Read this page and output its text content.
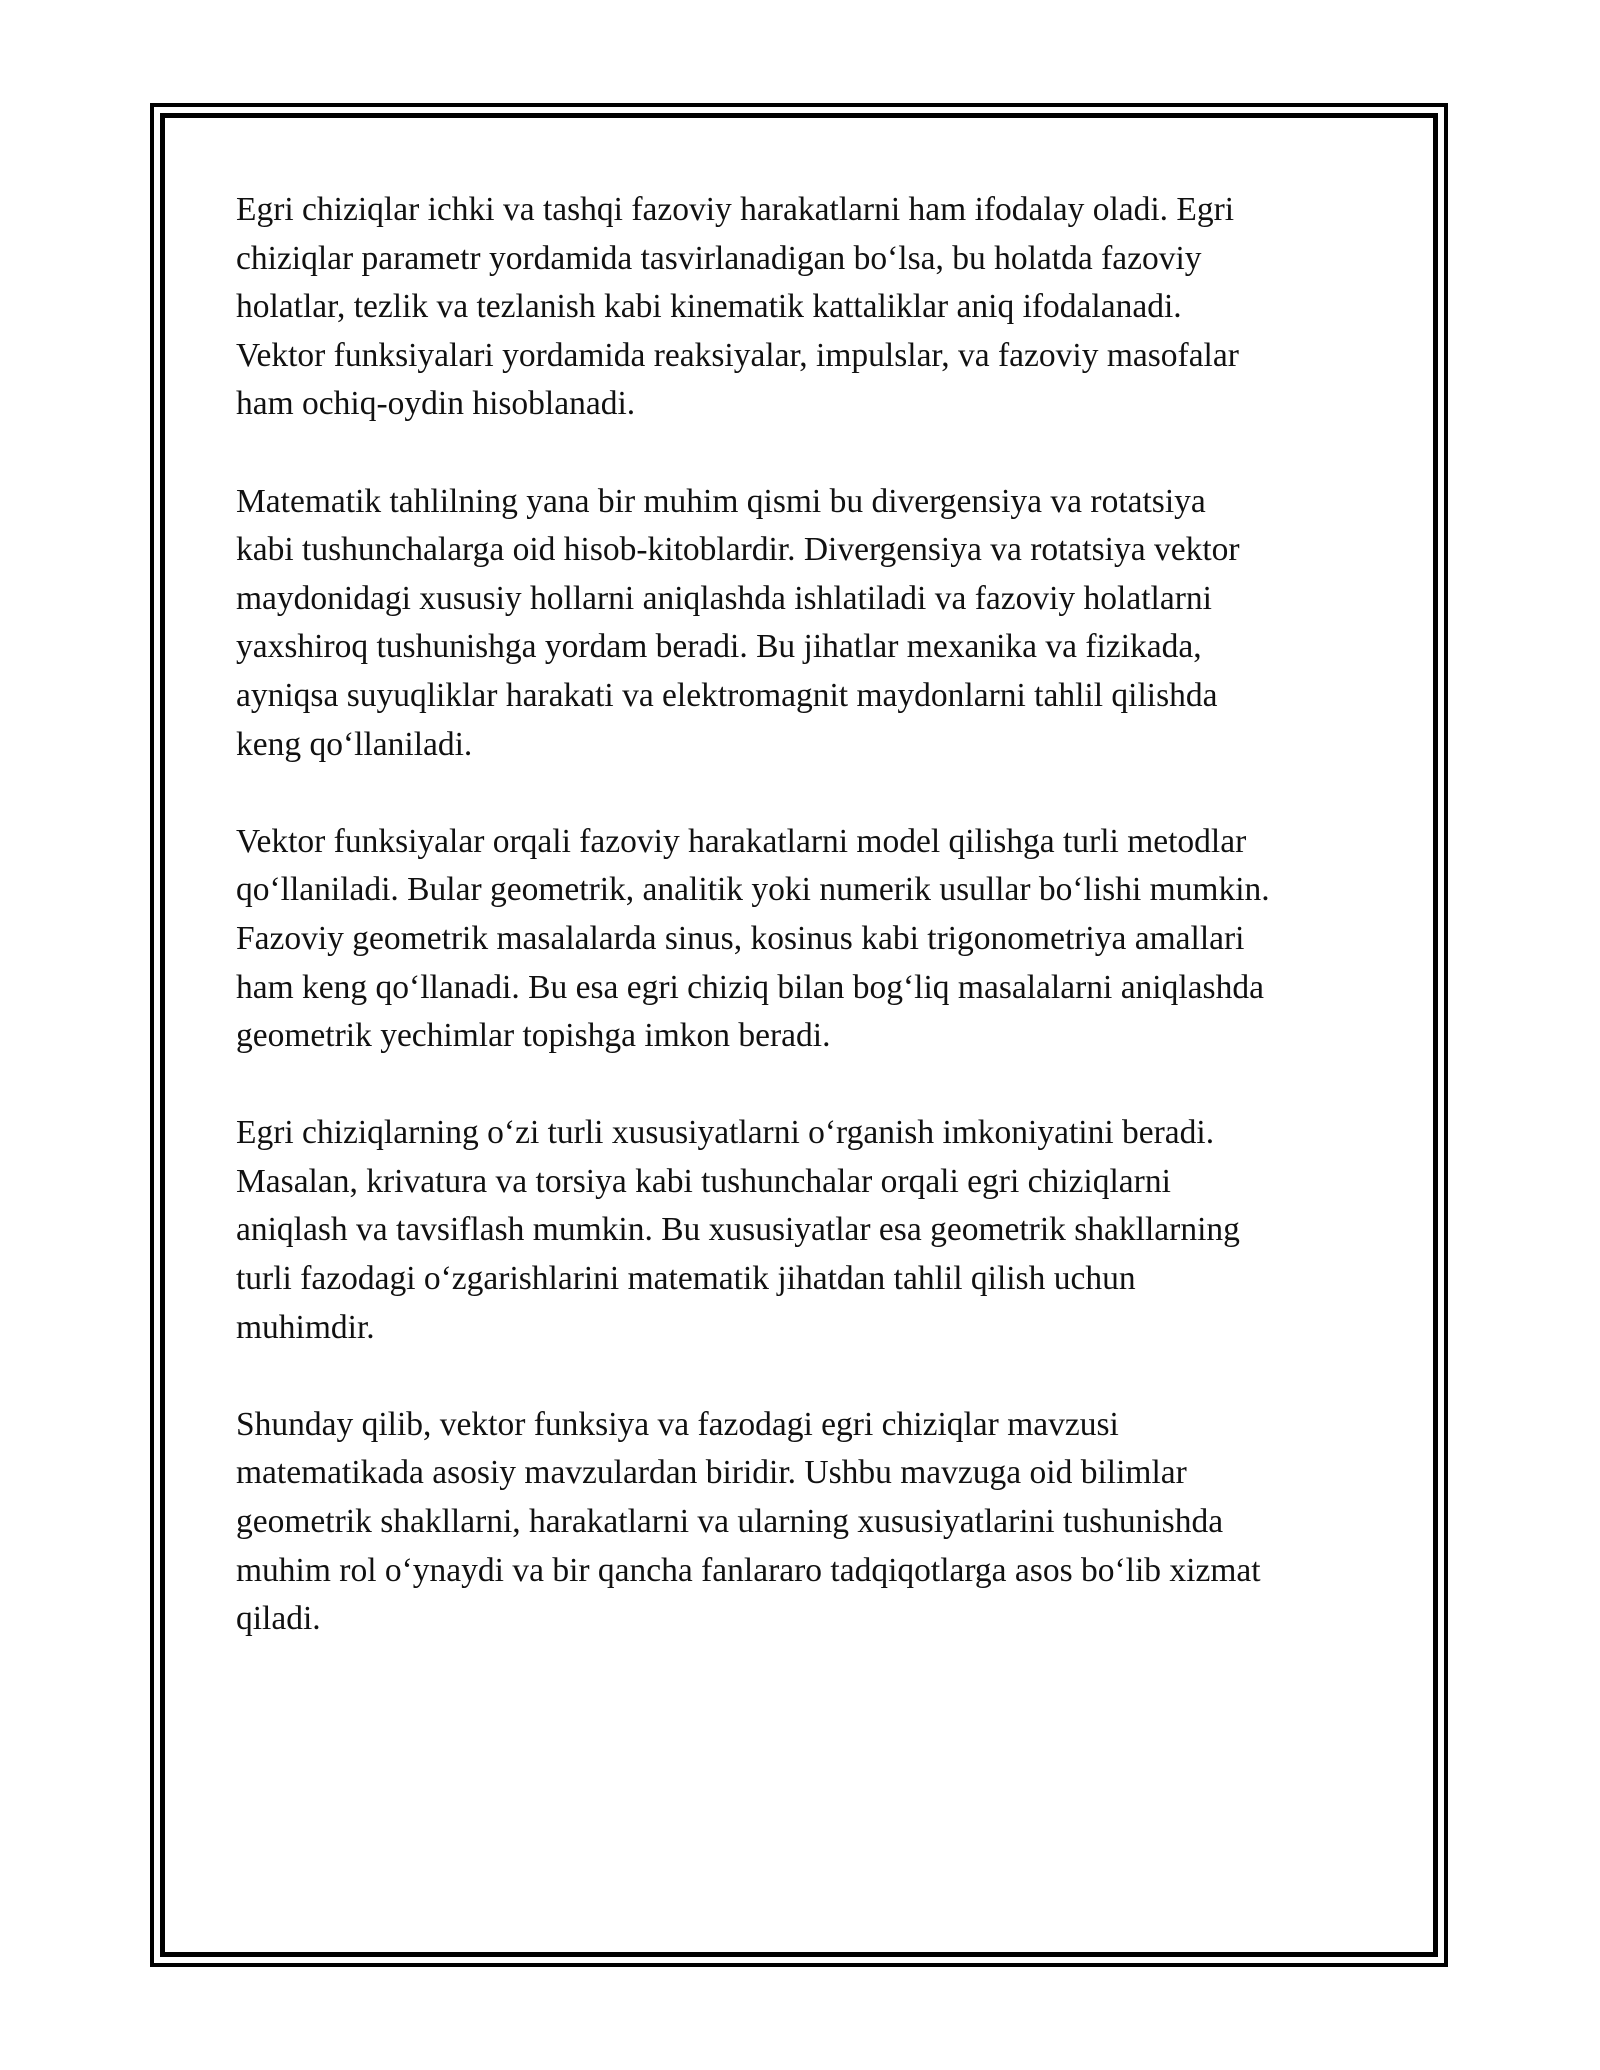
Egri chiziqlar ichki va tashqi fazoviy harakatlarni ham ifodalay oladi. Egri
chiziqlar parametr yordamida tasvirlanadigan bo‘lsa, bu holatda fazoviy
holatlar, tezlik va tezlanish kabi kinematik kattaliklar aniq ifodalanadi.
Vektor funksiyalari yordamida reaksiyalar, impulslar, va fazoviy masofalar
ham ochiq-oydin hisoblanadi.

Matematik tahlilning yana bir muhim qismi bu divergensiya va rotatsiya
kabi tushunchalarga oid hisob-kitoblardir. Divergensiya va rotatsiya vektor
maydonidagi xususiy hollarni aniqlashda ishlatiladi va fazoviy holatlarni
yaxshiroq tushunishga yordam beradi. Bu jihatlar mexanika va fizikada,
ayniqsa suyuqliklar harakati va elektromagnit maydonlarni tahlil qilishda
keng qo‘llaniladi.

Vektor funksiyalar orqali fazoviy harakatlarni model qilishga turli metodlar
qo‘llaniladi. Bular geometrik, analitik yoki numerik usullar bo‘lishi mumkin.
Fazoviy geometrik masalalarda sinus, kosinus kabi trigonometriya amallari
ham keng qo‘llanadi. Bu esa egri chiziq bilan bog‘liq masalalarni aniqlashda
geometrik yechimlar topishga imkon beradi.

Egri chiziqlarning o‘zi turli xususiyatlarni o‘rganish imkoniyatini beradi.
Masalan, krivatura va torsiya kabi tushunchalar orqali egri chiziqlarni
aniqlash va tavsiflash mumkin. Bu xususiyatlar esa geometrik shakllarning
turli fazodagi o‘zgarishlarini matematik jihatdan tahlil qilish uchun
muhimdir.

Shunday qilib, vektor funksiya va fazodagi egri chiziqlar mavzusi
matematikada asosiy mavzulardan biridir. Ushbu mavzuga oid bilimlar
geometrik shakllarni, harakatlarni va ularning xususiyatlarini tushunishda
muhim rol o‘ynaydi va bir qancha fanlararo tadqiqotlarga asos bo‘lib xizmat
qiladi.
